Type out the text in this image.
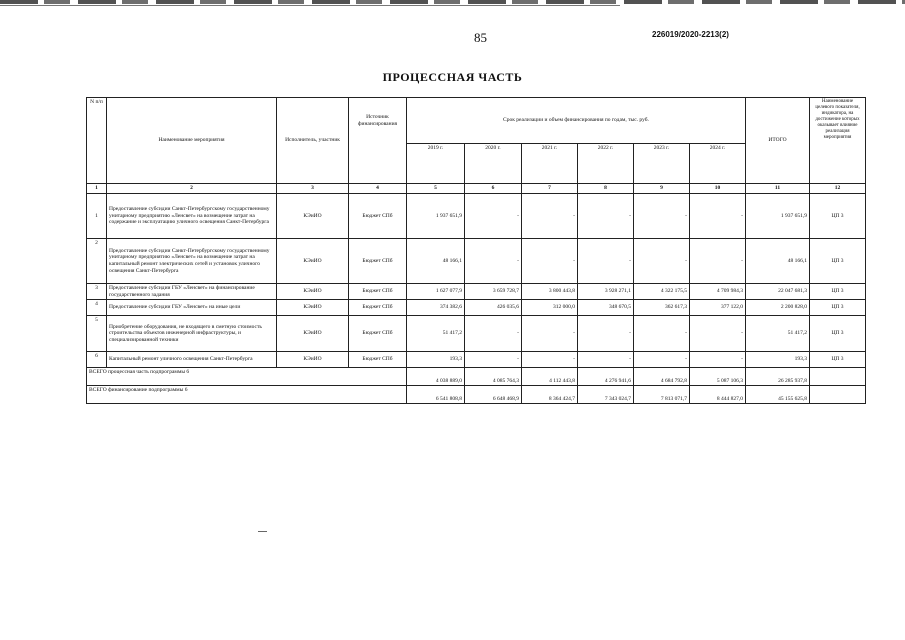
85	226019/2020-2213(2)
ПРОЦЕССНАЯ ЧАСТЬ
N п/п	Наименование мероприятия	Исполнитель, участник	Источник финансирования	Срок реализации и объем финансирования по годам, тыс. руб.						ИТОГО	Наименование целевого показателя, индикатора, на достижение которых оказывает влияние реализация мероприятия
				2019 г.	2020 г.	2021 г.	2022 г.	2023 г.	2024 г.		
1	2	3	4	5	6	7	8	9	10	11	12
1	Предоставление субсидии Санкт-Петербургскому государственному унитарному предприятию «Ленсвет» на возмещение затрат на содержание и эксплуатацию уличного освещения Санкт-Петербурга	КЭиИО	Бюджет СПб	1 937 651,9	-	-	-	-	-	1 937 651,9	ЦП 3
2	Предоставление субсидии Санкт-Петербургскому государственному унитарному предприятию «Ленсвет» на возмещение затрат на капитальный ремонт электрических сетей и установок уличного освещения Санкт-Петербурга	КЭиИО	Бюджет СПб	48 166,1	-	-	-	-	-	48 166,1	ЦП 3
3	Предоставление субсидии ГБУ «Ленсвет» на финансирование государственного задания	КЭиИО	Бюджет СПб	1 627 077,9	3 659 728,7	3 800 443,8	3 928 271,1	4 322 175,5	4 709 984,3	22 047 681,3	ЦП 3
4	Предоставление субсидии ГБУ «Ленсвет» на иные цели	КЭиИО	Бюджет СПб	374 382,6	426 035,6	312 000,0	348 670,5	362 617,3	377 122,0	2 200 828,0	ЦП 3
5	Приобретение оборудования, не входящего в сметную стоимость строительства объектов инженерной инфраструктуры, и специализированной техники	КЭиИО	Бюджет СПб	51 417,2	-	-	-	-	-	51 417,2	ЦП 3
6	Капитальный ремонт уличного освещения Санкт-Петербурга	КЭиИО	Бюджет СПб	193,3	-	-	-	-	-	193,3	ЦП 3
ВСЕГО процессная часть подпрограммы 6				4 038 889,0	4 085 764,3	4 112 443,8	4 276 941,6	4 684 792,8	5 087 106,3	26 285 937,8	
ВСЕГО финансирование подпрограммы 6				6 541 808,8	6 648 468,9	8 364 424,7	7 343 024,7	7 813 071,7	8 444 827,0	45 155 625,8	
